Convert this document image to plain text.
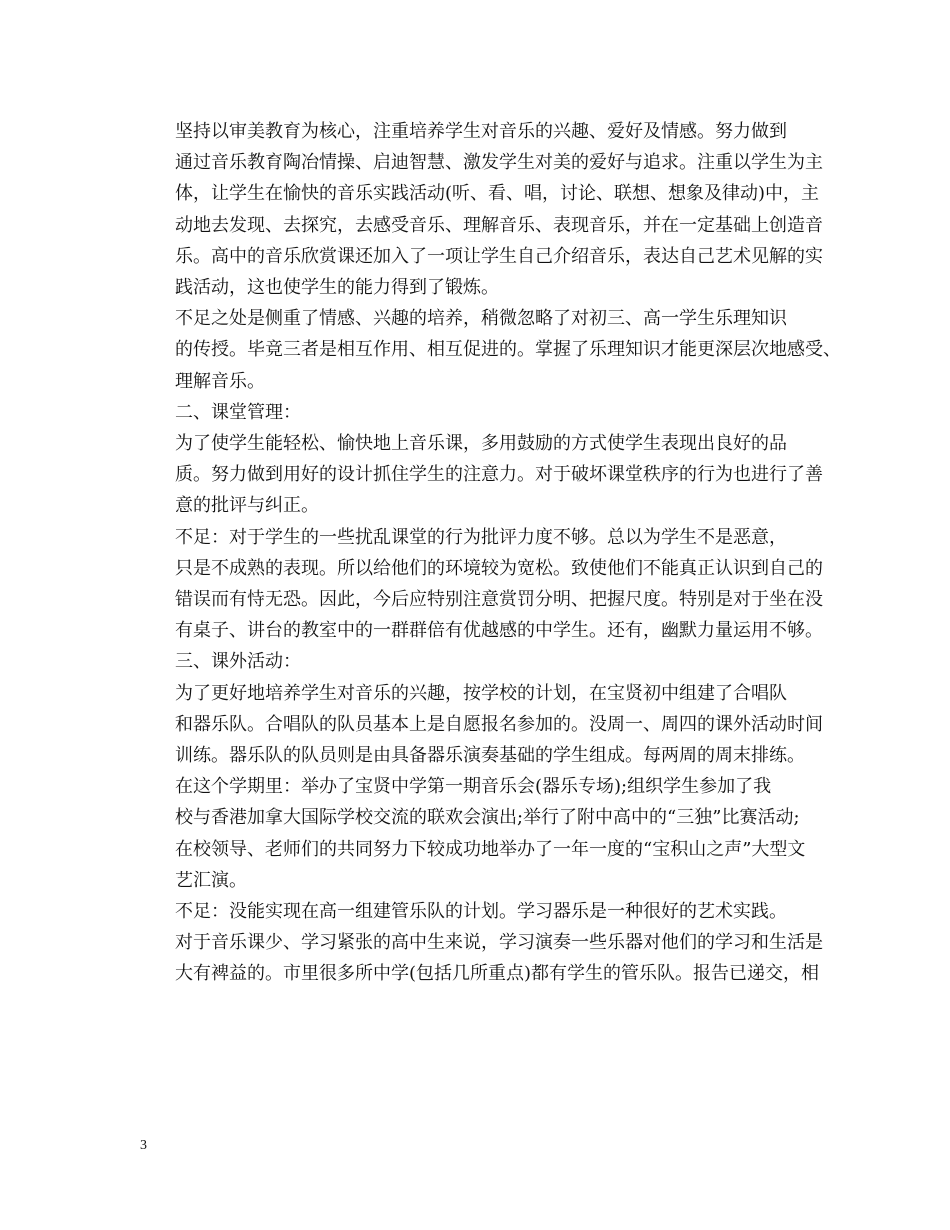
坚持以审美教育为核心，注重培养学生对音乐的兴趣、爱好及情感。努力做到
通过音乐教育陶冶情操、启迪智慧、激发学生对美的爱好与追求。注重以学生为主
体，让学生在愉快的音乐实践活动(听、看、唱，讨论、联想、想象及律动)中，主
动地去发现、去探究，去感受音乐、理解音乐、表现音乐，并在一定基础上创造音
乐。高中的音乐欣赏课还加入了一项让学生自己介绍音乐，表达自己艺术见解的实
践活动，这也使学生的能力得到了锻炼。

不足之处是侧重了情感、兴趣的培养，稍微忽略了对初三、高一学生乐理知识
的传授。毕竟三者是相互作用、相互促进的。掌握了乐理知识才能更深层次地感受、
理解音乐。

二、课堂管理：

为了使学生能轻松、愉快地上音乐课，多用鼓励的方式使学生表现出良好的品
质。努力做到用好的设计抓住学生的注意力。对于破坏课堂秩序的行为也进行了善
意的批评与纠正。

不足：对于学生的一些扰乱课堂的行为批评力度不够。总以为学生不是恶意，
只是不成熟的表现。所以给他们的环境较为宽松。致使他们不能真正认识到自己的
错误而有恃无恐。因此，今后应特别注意赏罚分明、把握尺度。特别是对于坐在没
有桌子、讲台的教室中的一群群倍有优越感的中学生。还有，幽默力量运用不够。

三、课外活动：

为了更好地培养学生对音乐的兴趣，按学校的计划，在宝贤初中组建了合唱队
和器乐队。合唱队的队员基本上是自愿报名参加的。没周一、周四的课外活动时间
训练。器乐队的队员则是由具备器乐演奏基础的学生组成。每两周的周末排练。

在这个学期里：举办了宝贤中学第一期音乐会(器乐专场);组织学生参加了我
校与香港加拿大国际学校交流的联欢会演出;举行了附中高中的“三独”比赛活动;
在校领导、老师们的共同努力下较成功地举办了一年一度的“宝积山之声”大型文
艺汇演。

不足：没能实现在高一组建管乐队的计划。学习器乐是一种很好的艺术实践。
对于音乐课少、学习紧张的高中生来说，学习演奏一些乐器对他们的学习和生活是
大有裨益的。市里很多所中学(包括几所重点)都有学生的管乐队。报告已递交，相

3
